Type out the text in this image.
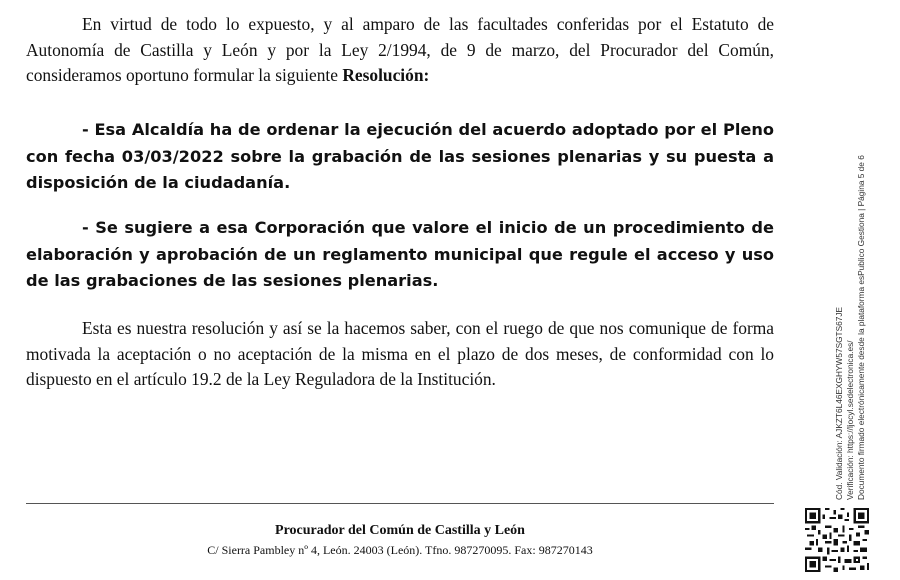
En virtud de todo lo expuesto, y al amparo de las facultades conferidas por el Estatuto de Autonomía de Castilla y León y por la Ley 2/1994, de 9 de marzo, del Procurador del Común, consideramos oportuno formular la siguiente Resolución:

- Esa Alcaldía ha de ordenar la ejecución del acuerdo adoptado por el Pleno con fecha 03/03/2022 sobre la grabación de las sesiones plenarias y su puesta a disposición de la ciudadanía.

- Se sugiere a esa Corporación que valore el inicio de un procedimiento de elaboración y aprobación de un reglamento municipal que regule el acceso y uso de las grabaciones de las sesiones plenarias.

Esta es nuestra resolución y así se la hacemos saber, con el ruego de que nos comunique de forma motivada la aceptación o no aceptación de la misma en el plazo de dos meses, de conformidad con lo dispuesto en el artículo 19.2 de la Ley Reguladora de la Institución.

Procurador del Común de Castilla y León
C/ Sierra Pambley nº 4, León. 24003 (León). Tfno. 987270095. Fax: 987270143
Cód. Validación: AJKZT6L46EXGHYW57SGTS67JE Verificación: https://ljocyl.sedelectronica.es/ Documento firmado electrónicamente desde la plataforma esPublico Gestiona | Página 5 de 6
